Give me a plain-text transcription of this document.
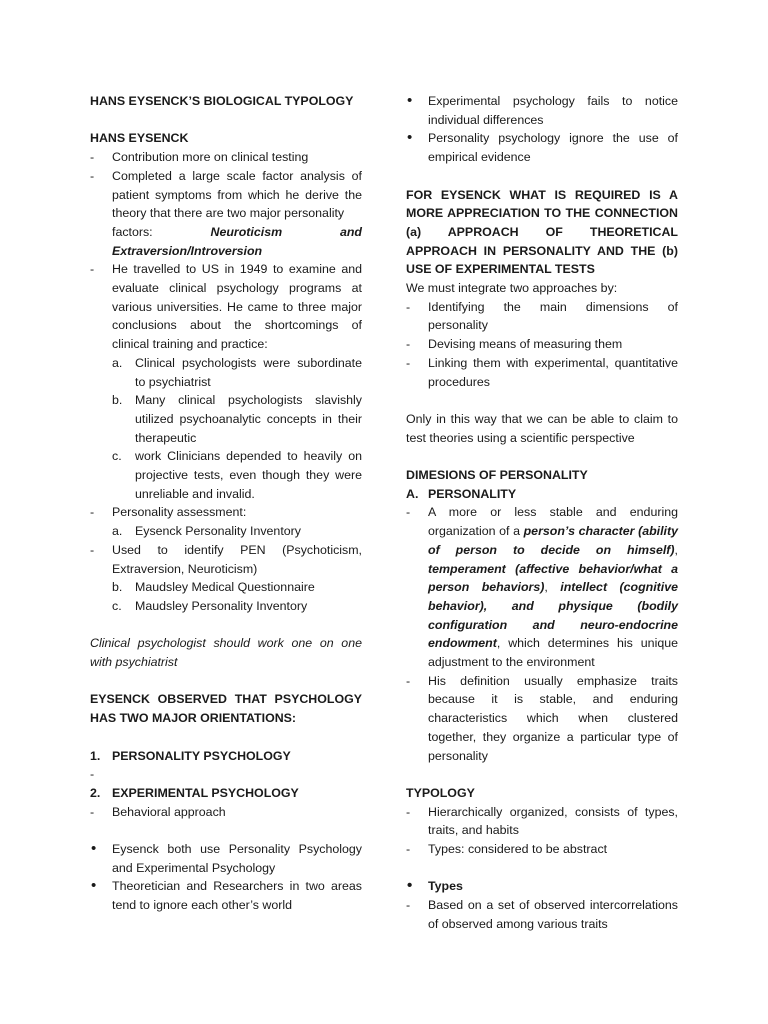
HANS EYSENCK’S BIOLOGICAL TYPOLOGY
HANS EYSENCK
- Contribution more on clinical testing
- Completed a large scale factor analysis of patient symptoms from which he derive the theory that there are two major personality
factors:	Neuroticism	and
Extraversion/Introversion
- He travelled to US in 1949 to examine and evaluate clinical psychology programs at various universities. He came to three major conclusions about the shortcomings of clinical training and practice:
a. Clinical psychologists were subordinate to psychiatrist
b. Many clinical psychologists slavishly utilized psychoanalytic concepts in their therapeutic
c. work Clinicians depended to heavily on projective tests, even though they were unreliable and invalid.
- Personality assessment:
a. Eysenck Personality Inventory
- Used to identify PEN (Psychoticism, Extraversion, Neuroticism)
b. Maudsley Medical Questionnaire
c. Maudsley Personality Inventory
Clinical psychologist should work one on one with psychiatrist
EYSENCK OBSERVED THAT PSYCHOLOGY HAS TWO MAJOR ORIENTATIONS:
1. PERSONALITY PSYCHOLOGY
-

2. EXPERIMENTAL PSYCHOLOGY
- Behavioral approach
• Eysenck both use Personality Psychology and Experimental Psychology
• Theoretician and Researchers in two areas tend to ignore each other’s world
• Experimental psychology fails to notice individual differences
• Personality psychology ignore the use of empirical evidence
FOR EYSENCK WHAT IS REQUIRED IS A MORE APPRECIATION TO THE CONNECTION (a) APPROACH OF THEORETICAL APPROACH IN PERSONALITY AND THE (b) USE OF EXPERIMENTAL TESTS
We must integrate two approaches by:
- Identifying the main dimensions of personality
- Devising means of measuring them
- Linking them with experimental, quantitative procedures
Only in this way that we can be able to claim to test theories using a scientific perspective
DIMESIONS OF PERSONALITY
A. PERSONALITY
- A more or less stable and enduring organization of a person’s character (ability of person to decide on himself), temperament (affective behavior/what a person behaviors), intellect (cognitive behavior), and physique (bodily configuration and neuro-endocrine endowment, which determines his unique adjustment to the environment
- His definition usually emphasize traits because it is stable, and enduring characteristics which when clustered together, they organize a particular type of personality
TYPOLOGY
- Hierarchically organized, consists of types, traits, and habits
- Types: considered to be abstract
• Types
- Based on a set of observed intercorrelations of observed among various traits
